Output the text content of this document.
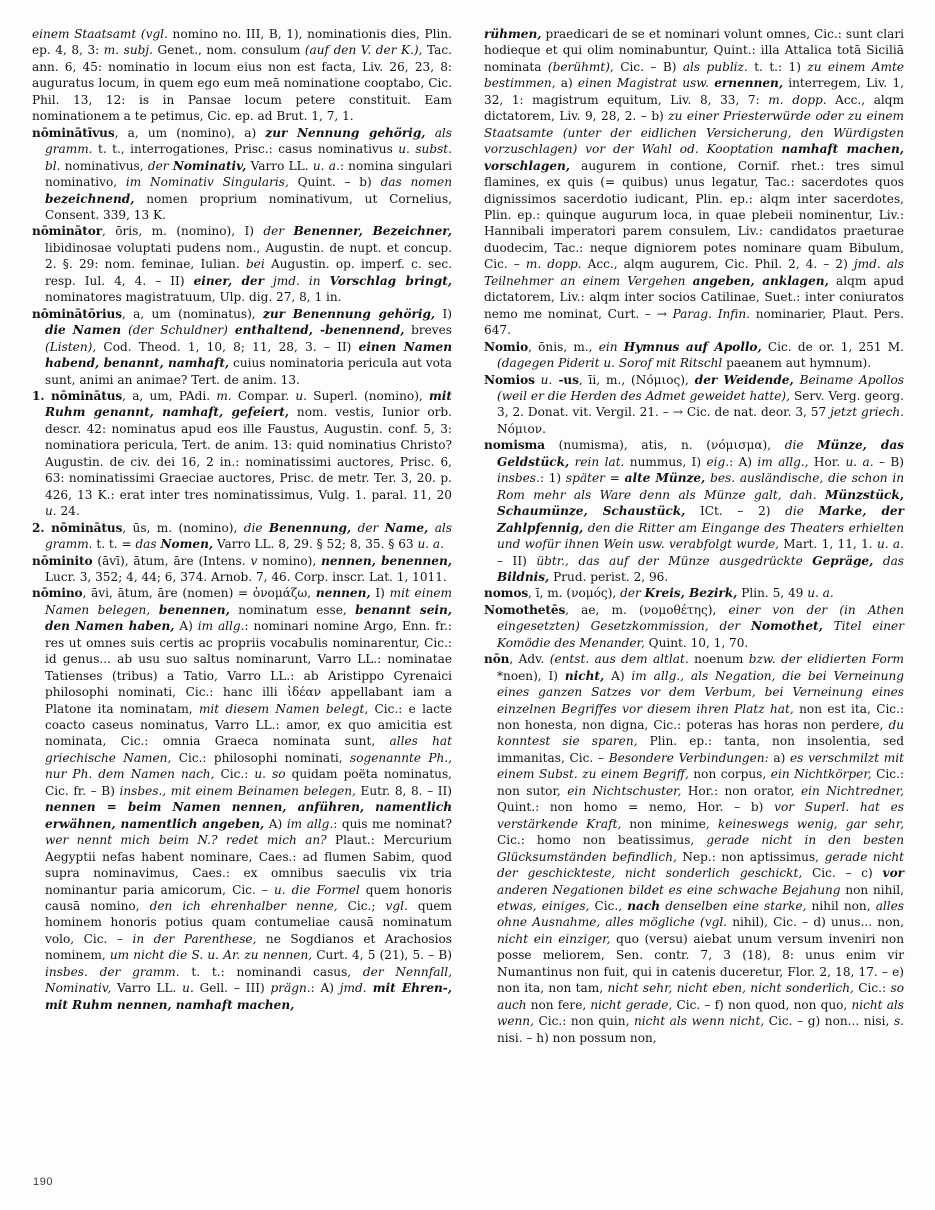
einem Staatsamt (vgl. nomino no. III, B, 1), nominationis dies, Plin. ep. 4, 8, 3: m. subj. Genet., nom. consulum (auf den V. der K.), Tac. ann. 6, 45: nominatio in locum eius non est facta, Liv. 26, 23, 8: auguratus locum, in quem ego eum meā nominatione cooptabo, Cic. Phil. 13, 12: is in Pansae locum petere constituit. Eam nominationem a te petimus, Cic. ep. ad Brut. 1, 7, 1.

nōminātīvus, a, um (nomino), a) zur Nennung gehörig, als gramm. t. t., interrogationes, Prisc.: casus nominativus u. subst. bl. nominativus, der Nominativ, Varro LL. u. a.: nomina singulari nominativo, im Nominativ Singularis, Quint. – b) das nomen bezeichnend, nomen proprium nominativum, ut Cornelius, Consent. 339, 13 K.

nōminātor, ōris, m. (nomino), I) der Benenner, Bezeichner, libidinosae voluptati pudens nom., Augustin. de nupt. et concup. 2. §. 29: nom. feminae, Iulian. bei Augustin. op. imperf. c. sec. resp. Iul. 4, 4. – II) einer, der jmd. in Vorschlag bringt, nominatores magistratuum, Ulp. dig. 27, 8, 1 in.

nōminātōrius, a, um (nominatus), zur Benennung gehörig, I) die Namen (der Schuldner) enthaltend, -benennend, breves (Listen), Cod. Theod. 1, 10, 8; 11, 28, 3. – II) einen Namen habend, benannt, namhaft, cuius nominatoria pericula aut vota sunt, animi an animae? Tert. de anim. 13.

1. nōminātus, a, um, PAdi. m. Compar. u. Superl. (nomino), mit Ruhm genannt, namhaft, gefeiert, nom. vestis, Iunior orb. descr. 42: nominatus apud eos ille Faustus, Augustin. conf. 5, 3: nominatiora pericula, Tert. de anim. 13: quid nominatius Christo? Augustin. de civ. dei 16, 2 in.: nominatissimi auctores, Prisc. 6, 63: nominatissimi Graeciae auctores, Prisc. de metr. Ter. 3, 20. p. 426, 13 K.: erat inter tres nominatissimus, Vulg. 1. paral. 11, 20 u. 24.

2. nōminātus, ūs, m. (nomino), die Benennung, der Name, als gramm. t. t. = das Nomen, Varro LL. 8, 29. § 52; 8, 35. § 63 u. a.

nōminito (āvī), ātum, āre (Intens. v nomino), nennen, benennen, Lucr. 3, 352; 4, 44; 6, 374. Arnob. 7, 46. Corp. inscr. Lat. 1, 1011.

nōmino, āvi, ātum, āre (nomen) = ὀνομάζω, nennen, I) mit einem Namen belegen, benennen, nominatum esse, benannt sein, den Namen haben, A) im allg.: nominari nomine Argo, Enn. fr.: res ut omnes suis certis ac propriis vocabulis nominarentur, Cic.: id genus... ab usu suo saltus nominarunt, Varro LL.: nominatae Tatienses (tribus) a Tatio, Varro LL.: ab Aristippo Cyrenaici philosophi nominati, Cic.: hanc illi ἰδέαν appellabant iam a Platone ita nominatam, mit diesem Namen belegt, Cic.: e lacte coacto caseus nominatus, Varro LL.: amor, ex quo amicitia est nominata, Cic.: omnia Graeca nominata sunt, alles hat griechische Namen, Cic.: philosophi nominati, sogenannte Ph., nur Ph. dem Namen nach, Cic.: u. so quidam poëta nominatus, Cic. fr. – B) insbes., mit einem Beinamen belegen, Eutr. 8, 8. – II) nennen = beim Namen nennen, anführen, namentlich erwähnen, namentlich angeben, A) im allg.: quis me nominat? wer nennt mich beim N.? redet mich an? Plaut.: Mercurium Aegyptii nefas habent nominare, Caes.: ad flumen Sabim, quod supra nominavimus, Caes.: ex omnibus saeculis vix tria nominantur paria amicorum, Cic. – u. die Formel quem honoris causā nomino, den ich ehrenhalber nenne, Cic.; vgl. quem hominem honoris potius quam contumeliae causā nominatum volo, Cic. – in der Parenthese, ne Sogdianos et Arachosios nominem, um nicht die S. u. Ar. zu nennen, Curt. 4, 5 (21), 5. – B) insbes. der gramm. t. t.: nominandi casus, der Nennfall, Nominativ, Varro LL. u. Gell. – III) prägn.: A) jmd. mit Ehren-, mit Ruhm nennen, namhaft machen,

rühmen, praedicari de se et nominari volunt omnes, Cic.: sunt clari hodieque et qui olim nominabuntur, Quint.: illa Attalica totā Siciliā nominata (berühmt), Cic. – B) als publiz. t. t.: 1) zu einem Amte bestimmen, a) einen Magistrat usw. ernennen, interregem, Liv. 1, 32, 1: magistrum equitum, Liv. 8, 33, 7: m. dopp. Acc., alqm dictatorem, Liv. 9, 28, 2. – b) zu einer Priesterwürde oder zu einem Staatsamte (unter der eidlichen Versicherung, den Würdigsten vorzuschlagen) vor der Wahl od. Kooptation namhaft machen, vorschlagen, augurem in contione, Cornif. rhet.: tres simul flamines, ex quis (= quibus) unus legatur, Tac.: sacerdotes quos dignissimos sacerdotio iudicant, Plin. ep.: alqm inter sacerdotes, Plin. ep.: quinque augurum loca, in quae plebeii nominentur, Liv.: Hannibali imperatori parem consulem, Liv.: candidatos praeturae duodecim, Tac.: neque digniorem potes nominare quam Bibulum, Cic. – m. dopp. Acc., alqm augurem, Cic. Phil. 2, 4. – 2) jmd. als Teilnehmer an einem Vergehen angeben, anklagen, alqm apud dictatorem, Liv.: alqm inter socios Catilinae, Suet.: inter coniuratos nemo me nominat, Curt. – → Parag. Infin. nominarier, Plaut. Pers. 647.

Nomio, ōnis, m., ein Hymnus auf Apollo, Cic. de or. 1, 251 M. (dagegen Piderit u. Sorof mit Ritschl paeanem aut hymnum).

Nomios u. -us, īi, m., (Νόμιος), der Weidende, Beiname Apollos (weil er die Herden des Admet geweidet hatte), Serv. Verg. georg. 3, 2. Donat. vit. Vergil. 21. – → Cic. de nat. deor. 3, 57 jetzt griech. Νόμιον.

nomisma (numisma), atis, n. (νόμισμα), die Münze, das Geldstück, rein lat. nummus, I) eig.: A) im allg., Hor. u. a. – B) insbes.: 1) später = alte Münze, bes. ausländische, die schon in Rom mehr als Ware denn als Münze galt, dah. Münzstück, Schaumünze, Schaustück, ICt. – 2) die Marke, der Zahlpfennig, den die Ritter am Eingange des Theaters erhielten und wofür ihnen Wein usw. verabfolgt wurde, Mart. 1, 11, 1. u. a. – II) übtr., das auf der Münze ausgedrückte Gepräge, das Bildnis, Prud. perist. 2, 96.

nomos, ī, m. (νομός), der Kreis, Bezirk, Plin. 5, 49 u. a.

Nomothetēs, ae, m. (νομοθέτης), einer von der (in Athen eingesetzten) Gesetzkommission, der Nomothet, Titel einer Komödie des Menander, Quint. 10, 1, 70.

nōn, Adv. (entst. aus dem altlat. noenum bzw. der elidierten Form *noen), I) nicht, A) im allg., als Negation, die bei Verneinung eines ganzen Satzes vor dem Verbum, bei Verneinung eines einzelnen Begriffes vor diesem ihren Platz hat, non est ita, Cic.: non honesta, non digna, Cic.: poteras has horas non perdere, du konntest sie sparen, Plin. ep.: tanta, non insolentia, sed immanitas, Cic. – Besondere Verbindungen: a) es verschmilzt mit einem Subst. zu einem Begriff, non corpus, ein Nichtkörper, Cic.: non sutor, ein Nichtschuster, Hor.: non orator, ein Nichtredner, Quint.: non homo = nemo, Hor. – b) vor Superl. hat es verstärkende Kraft, non minime, keineswegs wenig, gar sehr, Cic.: homo non beatissimus, gerade nicht in den besten Glücksumständen befindlich, Nep.: non aptissimus, gerade nicht der geschickteste, nicht sonderlich geschickt, Cic. – c) vor anderen Negationen bildet es eine schwache Bejahung non nihil, etwas, einiges, Cic., nach denselben eine starke, nihil non, alles ohne Ausnahme, alles mögliche (vgl. nihil), Cic. – d) unus... non, nicht ein einziger, quo (versu) aiebat unum versum inveniri non posse meliorem, Sen. contr. 7, 3 (18), 8: unus enim vir Numantinus non fuit, qui in catenis duceretur, Flor. 2, 18, 17. – e) non ita, non tam, nicht sehr, nicht eben, nicht sonderlich, Cic.: so auch non fere, nicht gerade, Cic. – f) non quod, non quo, nicht als wenn, Cic.: non quin, nicht als wenn nicht, Cic. – g) non... nisi, s. nisi. – h) non possum non,

190
